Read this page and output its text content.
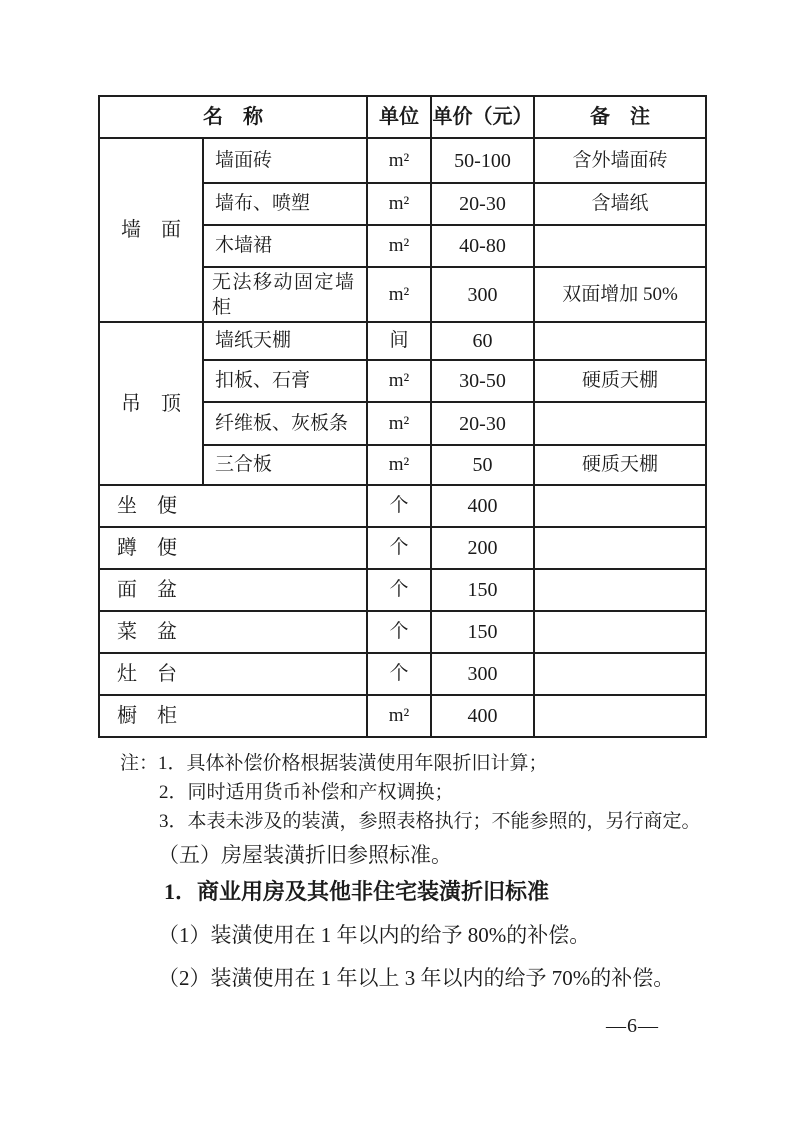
名　称		单位	单价（元）	备　注
墙　面	墙面砖	m²	50-100	含外墙面砖
	墙布、喷塑	m²	20-30	含墙纸
	木墙裙	m²	40-80	
	无法移动固定墙柜	m²	300	双面增加 50%
吊　顶	墙纸天棚	间	60	
	扣板、石膏	m²	30-50	硬质天棚
	纤维板、灰板条	m²	20-30	
	三合板	m²	50	硬质天棚
坐　便		个	400	
蹲　便		个	200	
面　盆		个	150	
菜　盆		个	150	
灶　台		个	300	
橱　柜		m²	400	
注：1．具体补偿价格根据装潢使用年限折旧计算；
2．同时适用货币补偿和产权调换；
3．本表未涉及的装潢，参照表格执行；不能参照的，另行商定。
（五）房屋装潢折旧参照标准。
1．商业用房及其他非住宅装潢折旧标准
（1）装潢使用在 1 年以内的给予 80%的补偿。
（2）装潢使用在 1 年以上 3 年以内的给予 70%的补偿。
—6—
